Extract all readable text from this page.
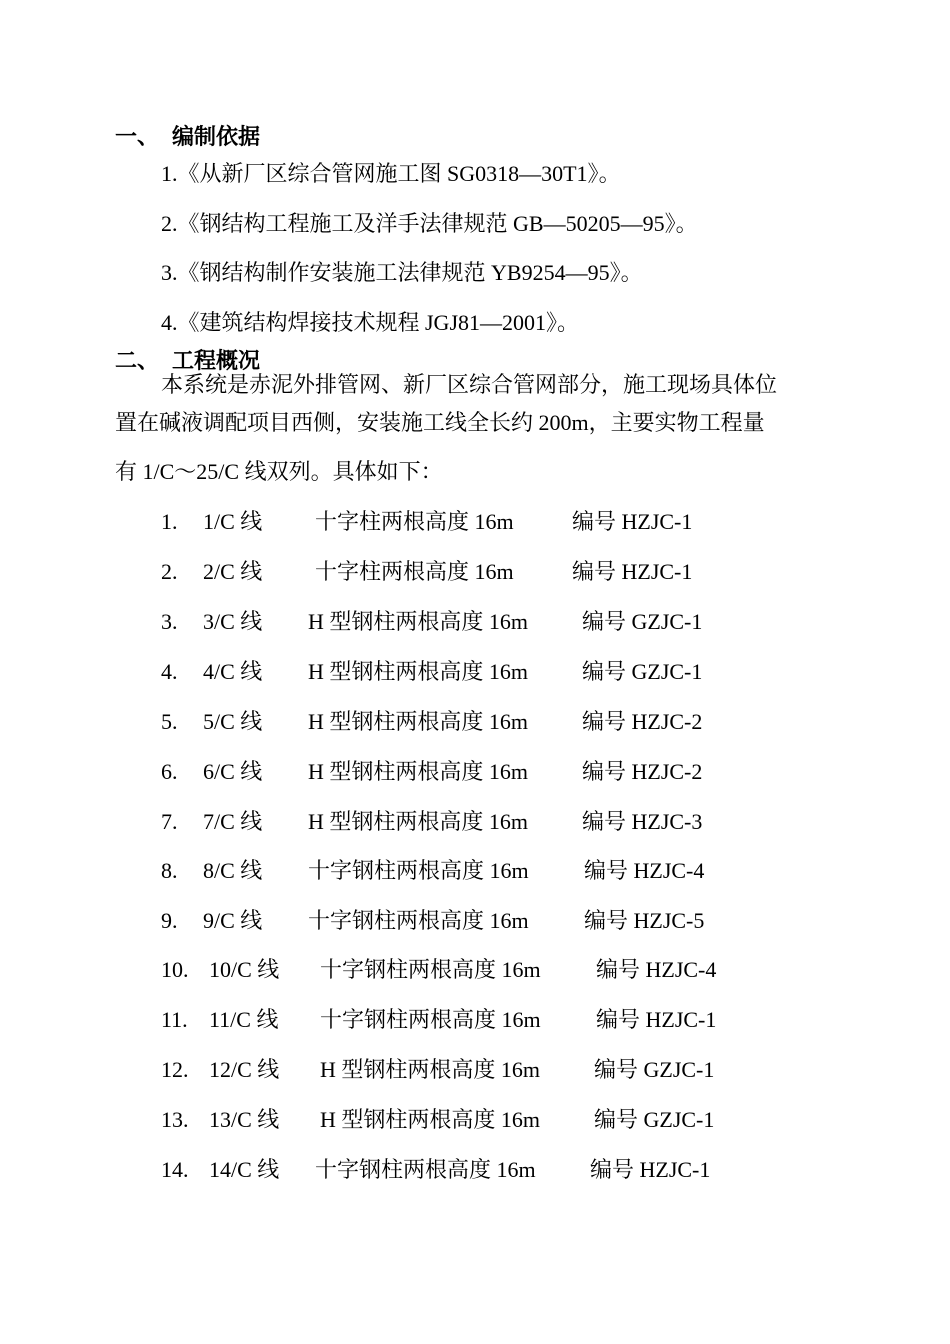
一、 编制依据
1.《从新厂区综合管网施工图 SG0318—30T1》。
2.《钢结构工程施工及洋手法律规范 GB—50205—95》。
3.《钢结构制作安装施工法律规范 YB9254—95》。
4.《建筑结构焊接技术规程 JGJ81—2001》。
二、 工程概况
本系统是赤泥外排管网、新厂区综合管网部分，施工现场具体位
置在碱液调配项目西侧，安装施工线全长约 200m，主要实物工程量
有 1/C～25/C 线双列。具体如下：
1. 1/C 线 十字柱两根高度 16m	编号 HZJC-1
2. 2/C 线 十字柱两根高度 16m	编号 HZJC-1
3. 3/C 线 H 型钢柱两根高度 16m 编号 GZJC-1
4. 4/C 线 H 型钢柱两根高度 16m 编号 GZJC-1
5. 5/C 线 H 型钢柱两根高度 16m 编号 HZJC-2
6. 6/C 线 H 型钢柱两根高度 16m 编号 HZJC-2
7. 7/C 线 H 型钢柱两根高度 16m 编号 HZJC-3
8. 8/C 线 十字钢柱两根高度 16m	编号 HZJC-4
9. 9/C 线 十字钢柱两根高度 16m	编号 HZJC-5
10. 10/C 线 十字钢柱两根高度 16m	编号 HZJC-4
11. 11/C 线 十字钢柱两根高度 16m	编号 HZJC-1
12. 12/C 线 H 型钢柱两根高度 16m 编号 GZJC-1
13. 13/C 线 H 型钢柱两根高度 16m 编号 GZJC-1
14. 14/C 线 十字钢柱两根高度 16m 编号 HZJC-1
